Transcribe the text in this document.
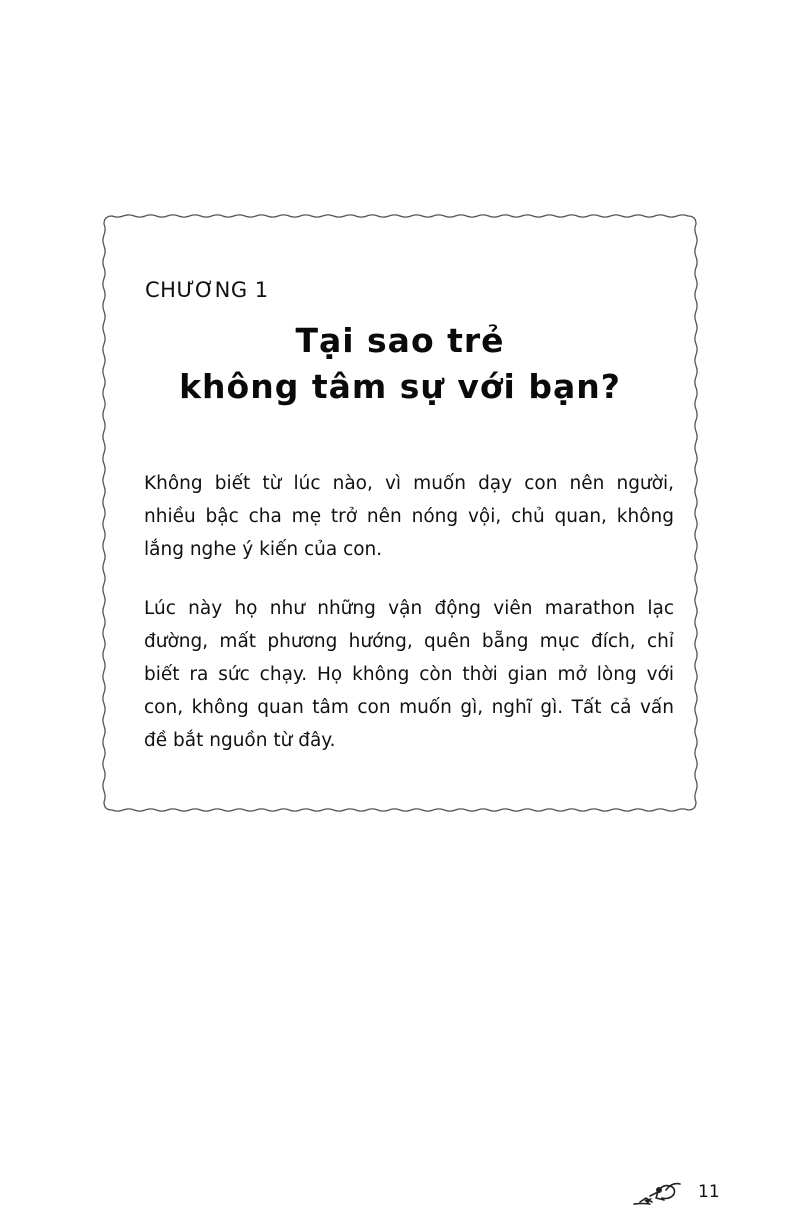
CHƯƠNG 1
Tại sao trẻ
không tâm sự với bạn?
Không biết từ lúc nào, vì muốn dạy con nên người,
nhiều bậc cha mẹ trở nên nóng vội, chủ quan, không
lắng nghe ý kiến của con.
Lúc này họ như những vận động viên marathon lạc
đường, mất phương hướng, quên bẵng mục đích, chỉ
biết ra sức chạy. Họ không còn thời gian mở lòng với
con, không quan tâm con muốn gì, nghĩ gì. Tất cả vấn
đề bắt nguồn từ đây.
11
